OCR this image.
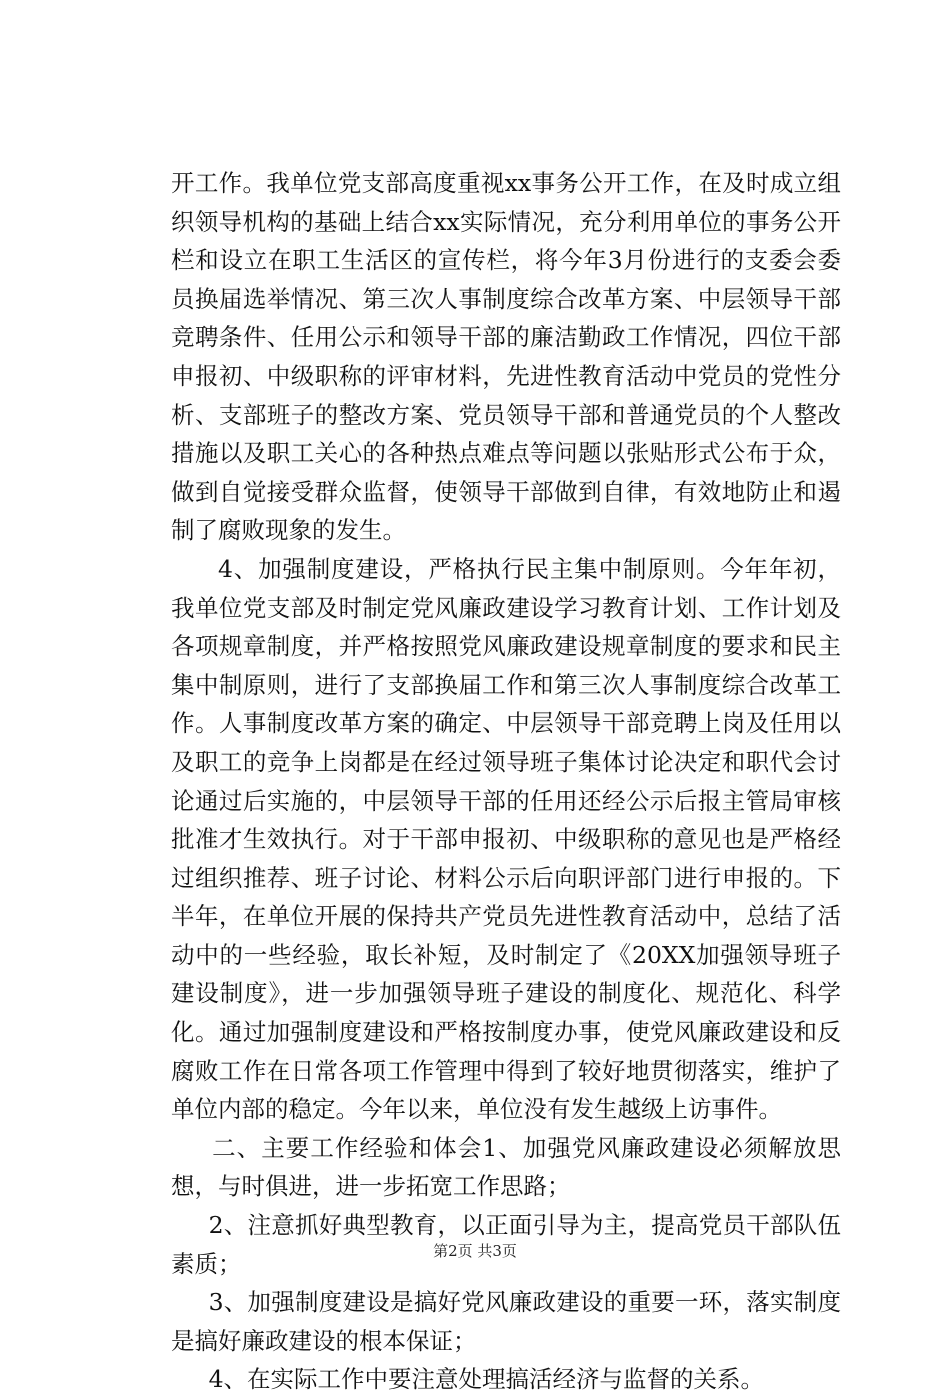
开工作。我单位党支部高度重视xx事务公开工作，在及时成立组织领导机构的基础上结合xx实际情况，充分利用单位的事务公开栏和设立在职工生活区的宣传栏，将今年3月份进行的支委会委员换届选举情况、第三次人事制度综合改革方案、中层领导干部竞聘条件、任用公示和领导干部的廉洁勤政工作情况，四位干部申报初、中级职称的评审材料，先进性教育活动中党员的党性分析、支部班子的整改方案、党员领导干部和普通党员的个人整改措施以及职工关心的各种热点难点等问题以张贴形式公布于众，做到自觉接受群众监督，使领导干部做到自律，有效地防止和遏制了腐败现象的发生。

4、加强制度建设，严格执行民主集中制原则。今年年初，我单位党支部及时制定党风廉政建设学习教育计划、工作计划及各项规章制度，并严格按照党风廉政建设规章制度的要求和民主集中制原则，进行了支部换届工作和第三次人事制度综合改革工作。人事制度改革方案的确定、中层领导干部竞聘上岗及任用以及职工的竞争上岗都是在经过领导班子集体讨论决定和职代会讨论通过后实施的，中层领导干部的任用还经公示后报主管局审核批准才生效执行。对于干部申报初、中级职称的意见也是严格经过组织推荐、班子讨论、材料公示后向职评部门进行申报的。下半年，在单位开展的保持共产党员先进性教育活动中，总结了活动中的一些经验，取长补短，及时制定了《20XX加强领导班子建设制度》，进一步加强领导班子建设的制度化、规范化、科学化。通过加强制度建设和严格按制度办事，使党风廉政建设和反腐败工作在日常各项工作管理中得到了较好地贯彻落实，维护了单位内部的稳定。今年以来，单位没有发生越级上访事件。

二、主要工作经验和体会1、加强党风廉政建设必须解放思想，与时俱进，进一步拓宽工作思路；

2、注意抓好典型教育，以正面引导为主，提高党员干部队伍素质；

3、加强制度建设是搞好党风廉政建设的重要一环，落实制度是搞好廉政建设的根本保证；

4、在实际工作中要注意处理搞活经济与监督的关系。

第2页 共3页
